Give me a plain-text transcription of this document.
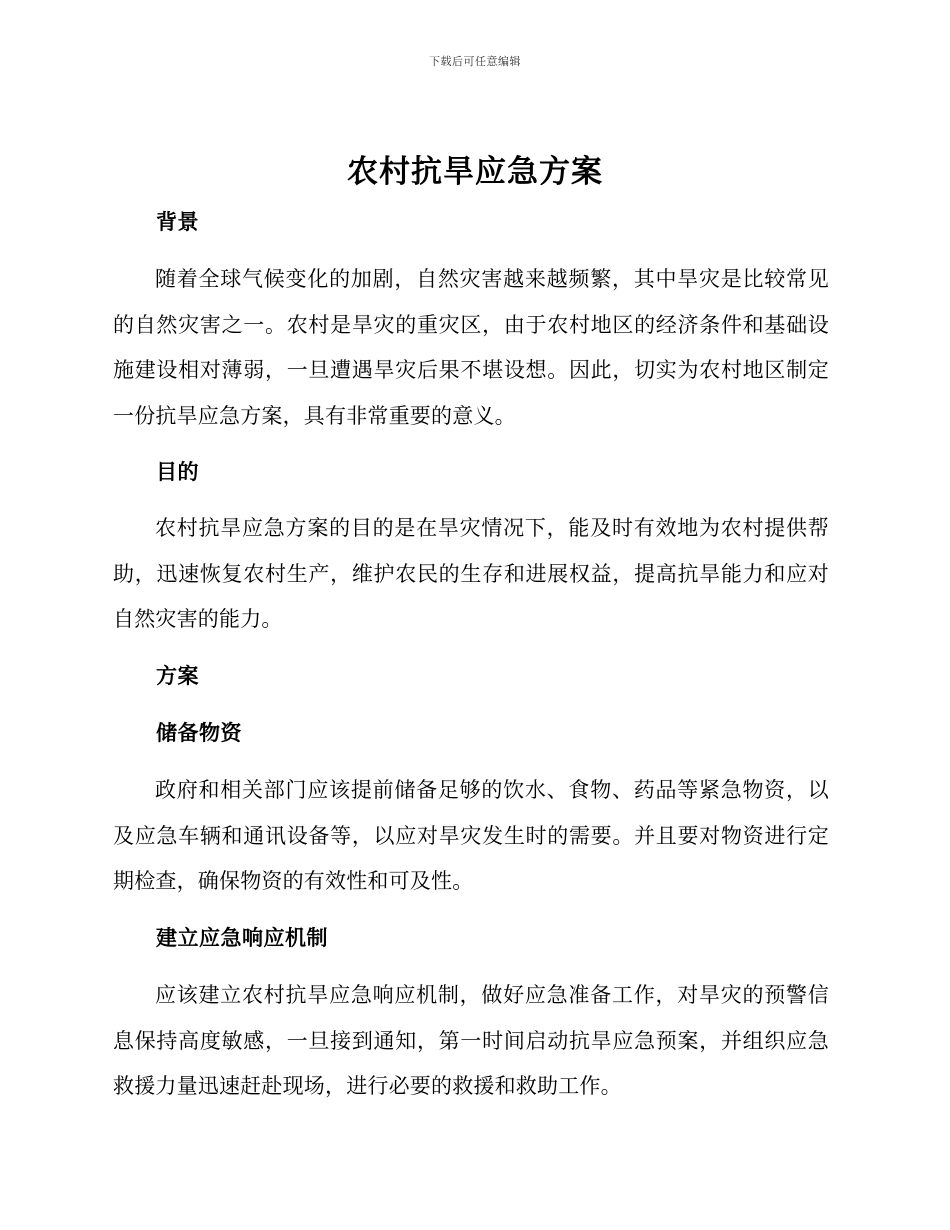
下载后可任意编辑
农村抗旱应急方案
背景

随着全球气候变化的加剧，自然灾害越来越频繁，其中旱灾是比较常见的自然灾害之一。农村是旱灾的重灾区，由于农村地区的经济条件和基础设施建设相对薄弱，一旦遭遇旱灾后果不堪设想。因此，切实为农村地区制定一份抗旱应急方案，具有非常重要的意义。

目的

农村抗旱应急方案的目的是在旱灾情况下，能及时有效地为农村提供帮助，迅速恢复农村生产，维护农民的生存和进展权益，提高抗旱能力和应对自然灾害的能力。

方案
储备物资

政府和相关部门应该提前储备足够的饮水、食物、药品等紧急物资，以及应急车辆和通讯设备等，以应对旱灾发生时的需要。并且要对物资进行定期检查，确保物资的有效性和可及性。

建立应急响应机制

应该建立农村抗旱应急响应机制，做好应急准备工作，对旱灾的预警信息保持高度敏感，一旦接到通知，第一时间启动抗旱应急预案，并组织应急救援力量迅速赶赴现场，进行必要的救援和救助工作。
